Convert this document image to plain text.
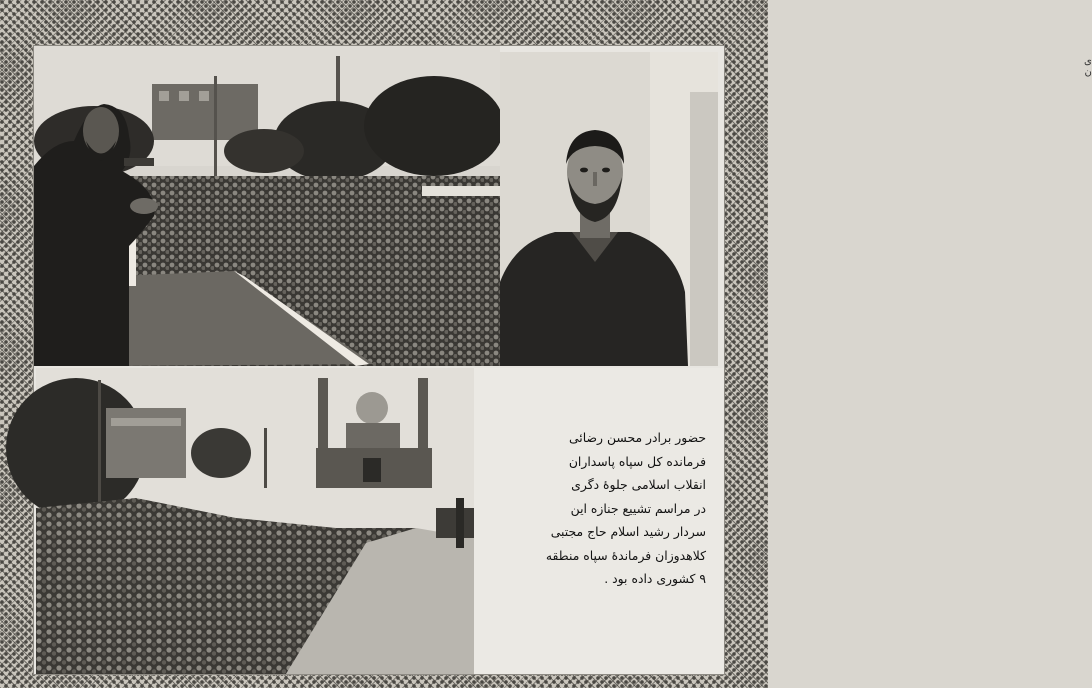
ی ن
حضور برادر محسن رضائی
فرمانده کل سپاه پاسداران
انقلاب اسلامی جلوه‌ٔ دگری
در مراسم تشییع جنازه این
سردار رشید اسلام حاج مجتبی
کلاهدوزان فرمانده‌ٔ سپاه منطقه
۹ کشوری داده بود .
